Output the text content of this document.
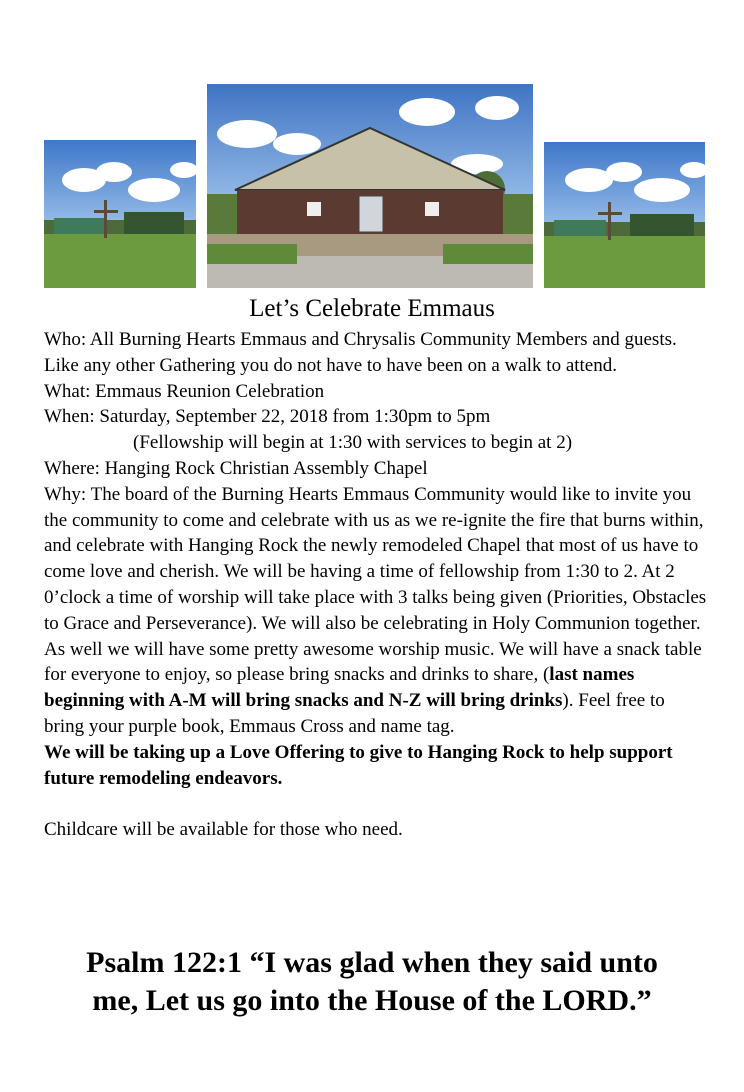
Let’s Celebrate Emmaus

Who: All Burning Hearts Emmaus and Chrysalis Community Members and guests. Like any other Gathering you do not have to have been on a walk to attend.

What: Emmaus Reunion Celebration

When: Saturday, September 22, 2018 from 1:30pm to 5pm

(Fellowship will begin at 1:30 with services to begin at 2)

Where: Hanging Rock Christian Assembly Chapel

Why: The board of the Burning Hearts Emmaus Community would like to invite you the community to come and celebrate with us as we re-ignite the fire that burns within, and celebrate with Hanging Rock the newly remodeled Chapel that most of us have to come love and cherish. We will be having a time of fellowship from 1:30 to 2. At 2 0’clock a time of worship will take place with 3 talks being given (Priorities, Obstacles to Grace and Perseverance). We will also be celebrating in Holy Communion together. As well we will have some pretty awesome worship music. We will have a snack table for everyone to enjoy, so please bring snacks and drinks to share, (last names beginning with A-M will bring snacks and N-Z will bring drinks). Feel free to bring your purple book, Emmaus Cross and name tag.

We will be taking up a Love Offering to give to Hanging Rock to help support future remodeling endeavors.

Childcare will be available for those who need.

Psalm 122:1 “I was glad when they said unto

me, Let us go into the House of the LORD.”
